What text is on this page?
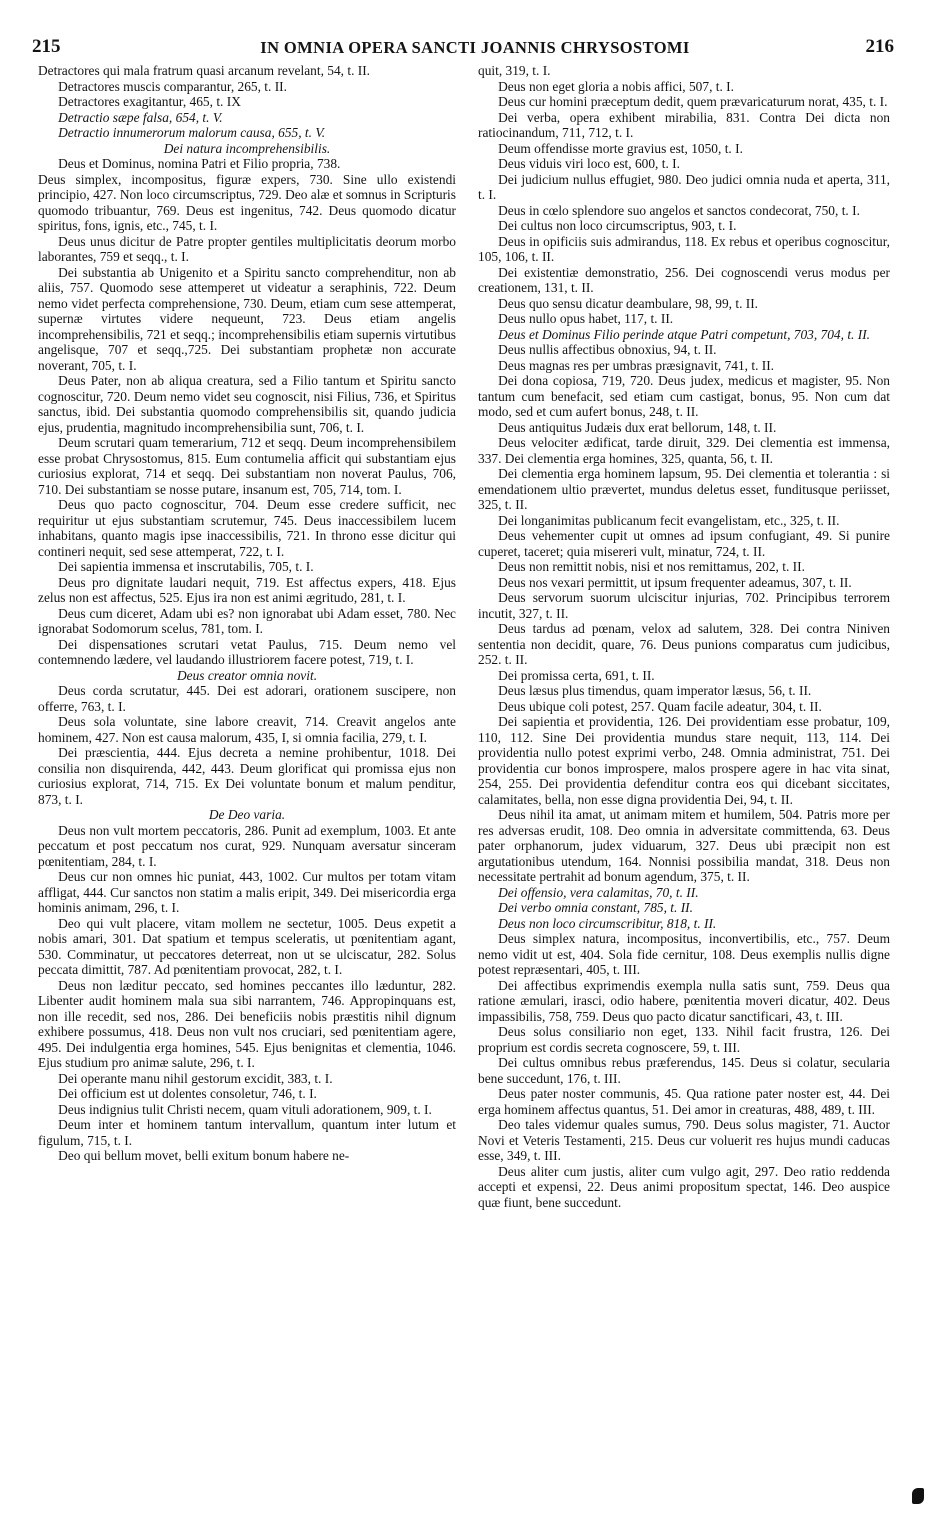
215	IN OMNIA OPERA SANCTI JOANNIS CHRYSOSTOMI	216

Detractores qui mala fratrum quasi arcanum revelant, 54, t. II.

Detractores muscis comparantur, 265, t. II.

Detractores exagitantur, 465, t. IX

Detractio sæpe falsa, 654, t. V.

Detractio innumerorum malorum causa, 655, t. V.

Dei natura incomprehensibilis.

Deus et Dominus, nomina Patri et Filio propria, 738.

Deus simplex, incompositus, figuræ expers, 730. Sine ullo existendi principio, 427. Non loco circumscriptus, 729. Deo alæ et somnus in Scripturis quomodo tribuantur, 769. Deus est ingenitus, 742. Deus quomodo dicatur spiritus, fons, ignis, etc., 745, t. I.

Deus unus dicitur de Patre propter gentiles multiplicitatis deorum morbo laborantes, 759 et seqq., t. I.

Dei substantia ab Unigenito et a Spiritu sancto comprehenditur, non ab aliis, 757. Quomodo sese attemperet ut videatur a seraphinis, 722. Deum nemo videt perfecta comprehensione, 730. Deum, etiam cum sese attemperat, supernæ virtutes videre nequeunt, 723. Deus etiam angelis incomprehensibilis, 721 et seqq.; incomprehensibilis etiam supernis virtutibus angelisque, 707 et seqq.,725. Dei substantiam prophetæ non accurate noverant, 705, t. I.

Deus Pater, non ab aliqua creatura, sed a Filio tantum et Spiritu sancto cognoscitur, 720. Deum nemo videt seu cognoscit, nisi Filius, 736, et Spiritus sanctus, ibid. Dei substantia quomodo comprehensibilis sit, quando judicia ejus, prudentia, magnitudo incomprehensibilia sunt, 706, t. I.

Deum scrutari quam temerarium, 712 et seqq. Deum incomprehensibilem esse probat Chrysostomus, 815. Eum contumelia afficit qui substantiam ejus curiosius explorat, 714 et seqq. Dei substantiam non noverat Paulus, 706, 710. Dei substantiam se nosse putare, insanum est, 705, 714, tom. I.

Deus quo pacto cognoscitur, 704. Deum esse credere sufficit, nec requiritur ut ejus substantiam scrutemur, 745. Deus inaccessibilem lucem inhabitans, quanto magis ipse inaccessibilis, 721. In throno esse dicitur qui contineri nequit, sed sese attemperat, 722, t. I.

Dei sapientia immensa et inscrutabilis, 705, t. I.

Deus pro dignitate laudari nequit, 719. Est affectus expers, 418. Ejus zelus non est affectus, 525. Ejus ira non est animi ægritudo, 281, t. I.

Deus cum diceret, Adam ubi es? non ignorabat ubi Adam esset, 780. Nec ignorabat Sodomorum scelus, 781, tom. I.

Dei dispensationes scrutari vetat Paulus, 715. Deum nemo vel contemnendo lædere, vel laudando illustriorem facere potest, 719, t. I.

Deus creator omnia novit.

Deus corda scrutatur, 445. Dei est adorari, orationem suscipere, non offerre, 763, t. I.

Deus sola voluntate, sine labore creavit, 714. Creavit angelos ante hominem, 427. Non est causa malorum, 435, I, si omnia facilia, 279, t. I.

Dei præscientia, 444. Ejus decreta a nemine prohibentur, 1018. Dei consilia non disquirenda, 442, 443. Deum glorificat qui promissa ejus non curiosius explorat, 714, 715. Ex Dei voluntate bonum et malum penditur, 873, t. I.

De Deo varia.

Deus non vult mortem peccatoris, 286. Punit ad exemplum, 1003. Et ante peccatum et post peccatum nos curat, 929. Nunquam aversatur sinceram pœnitentiam, 284, t. I.

Deus cur non omnes hic puniat, 443, 1002. Cur multos per totam vitam affligat, 444. Cur sanctos non statim a malis eripit, 349. Dei misericordia erga hominis animam, 296, t. I.

Deo qui vult placere, vitam mollem ne sectetur, 1005. Deus expetit a nobis amari, 301. Dat spatium et tempus sceleratis, ut pœnitentiam agant, 530. Comminatur, ut peccatores deterreat, non ut se ulciscatur, 282. Solus peccata dimittit, 787. Ad pœnitentiam provocat, 282, t. I.

Deus non læditur peccato, sed homines peccantes illo læduntur, 282. Libenter audit hominem mala sua sibi narrantem, 746. Appropinquans est, non ille recedit, sed nos, 286. Dei beneficiis nobis præstitis nihil dignum exhibere possumus, 418. Deus non vult nos cruciari, sed pœnitentiam agere, 495. Dei indulgentia erga homines, 545. Ejus benignitas et clementia, 1046. Ejus studium pro animæ salute, 296, t. I.

Dei operante manu nihil gestorum excidit, 383, t. I.

Dei officium est ut dolentes consoletur, 746, t. I.

Deus indignius tulit Christi necem, quam vituli adorationem, 909, t. I.

Deum inter et hominem tantum intervallum, quantum inter lutum et figulum, 715, t. I.

Deo qui bellum movet, belli exitum bonum habere ne-

quit, 319, t. I.

Deus non eget gloria a nobis affici, 507, t. I.

Deus cur homini præceptum dedit, quem prævaricaturum norat, 435, t. I.

Dei verba, opera exhibent mirabilia, 831. Contra Dei dicta non ratiocinandum, 711, 712, t. I.

Deum offendisse morte gravius est, 1050, t. I.

Deus viduis viri loco est, 600, t. I.

Dei judicium nullus effugiet, 980. Deo judici omnia nuda et aperta, 311, t. I.

Deus in cœlo splendore suo angelos et sanctos condecorat, 750, t. I.

Dei cultus non loco circumscriptus, 903, t. I.

Deus in opificiis suis admirandus, 118. Ex rebus et operibus cognoscitur, 105, 106, t. II.

Dei existentiæ demonstratio, 256. Dei cognoscendi verus modus per creationem, 131, t. II.

Deus quo sensu dicatur deambulare, 98, 99, t. II.

Deus nullo opus habet, 117, t. II.

Deus et Dominus Filio perinde atque Patri competunt, 703, 704, t. II.

Deus nullis affectibus obnoxius, 94, t. II.

Deus magnas res per umbras præsignavit, 741, t. II.

Dei dona copiosa, 719, 720. Deus judex, medicus et magister, 95. Non tantum cum benefacit, sed etiam cum castigat, bonus, 95. Non cum dat modo, sed et cum aufert bonus, 248, t. II.

Deus antiquitus Judæis dux erat bellorum, 148, t. II.

Deus velociter ædificat, tarde diruit, 329. Dei clementia est immensa, 337. Dei clementia erga homines, 325, quanta, 56, t. II.

Dei clementia erga hominem lapsum, 95. Dei clementia et tolerantia : si emendationem ultio prævertet, mundus deletus esset, funditusque periisset, 325, t. II.

Dei longanimitas publicanum fecit evangelistam, etc., 325, t. II.

Deus vehementer cupit ut omnes ad ipsum confugiant, 49. Si punire cuperet, taceret; quia misereri vult, minatur, 724, t. II.

Deus non remittit nobis, nisi et nos remittamus, 202, t. II.

Deus nos vexari permittit, ut ipsum frequenter adeamus, 307, t. II.

Deus servorum suorum ulciscitur injurias, 702. Principibus terrorem incutit, 327, t. II.

Deus tardus ad pœnam, velox ad salutem, 328. Dei contra Niniven sententia non decidit, quare, 76. Deus punions comparatus cum judicibus, 252. t. II.

Dei promissa certa, 691, t. II.

Deus læsus plus timendus, quam imperator læsus, 56, t. II.

Deus ubique coli potest, 257. Quam facile adeatur, 304, t. II.

Dei sapientia et providentia, 126. Dei providentiam esse probatur, 109, 110, 112. Sine Dei providentia mundus stare nequit, 113, 114. Dei providentia nullo potest exprimi verbo, 248. Omnia administrat, 751. Dei providentia cur bonos improspere, malos prospere agere in hac vita sinat, 254, 255. Dei providentia defenditur contra eos qui dicebant siccitates, calamitates, bella, non esse digna providentia Dei, 94, t. II.

Deus nihil ita amat, ut animam mitem et humilem, 504. Patris more per res adversas erudit, 108. Deo omnia in adversitate committenda, 63. Deus pater orphanorum, judex viduarum, 327. Deus ubi præcipit non est argutationibus utendum, 164. Nonnisi possibilia mandat, 318. Deus non necessitate pertrahit ad bonum agendum, 375, t. II.

Dei offensio, vera calamitas, 70, t. II.

Dei verbo omnia constant, 785, t. II.

Deus non loco circumscribitur, 818, t. II.

Deus simplex natura, incompositus, inconvertibilis, etc., 757. Deum nemo vidit ut est, 404. Sola fide cernitur, 108. Deus exemplis nullis digne potest repræsentari, 405, t. III.

Dei affectibus exprimendis exempla nulla satis sunt, 759. Deus qua ratione æmulari, irasci, odio habere, pœnitentia moveri dicatur, 402. Deus impassibilis, 758, 759. Deus quo pacto dicatur sanctificari, 43, t. III.

Deus solus consiliario non eget, 133. Nihil facit frustra, 126. Dei proprium est cordis secreta cognoscere, 59, t. III.

Dei cultus omnibus rebus præferendus, 145. Deus si colatur, secularia bene succedunt, 176, t. III.

Deus pater noster communis, 45. Qua ratione pater noster est, 44. Dei erga hominem affectus quantus, 51. Dei amor in creaturas, 488, 489, t. III.

Deo tales videmur quales sumus, 790. Deus solus magister, 71. Auctor Novi et Veteris Testamenti, 215. Deus cur voluerit res hujus mundi caducas esse, 349, t. III.

Deus aliter cum justis, aliter cum vulgo agit, 297. Deo ratio reddenda accepti et expensi, 22. Deus animi propositum spectat, 146. Deo auspice quæ fiunt, bene succedunt.
